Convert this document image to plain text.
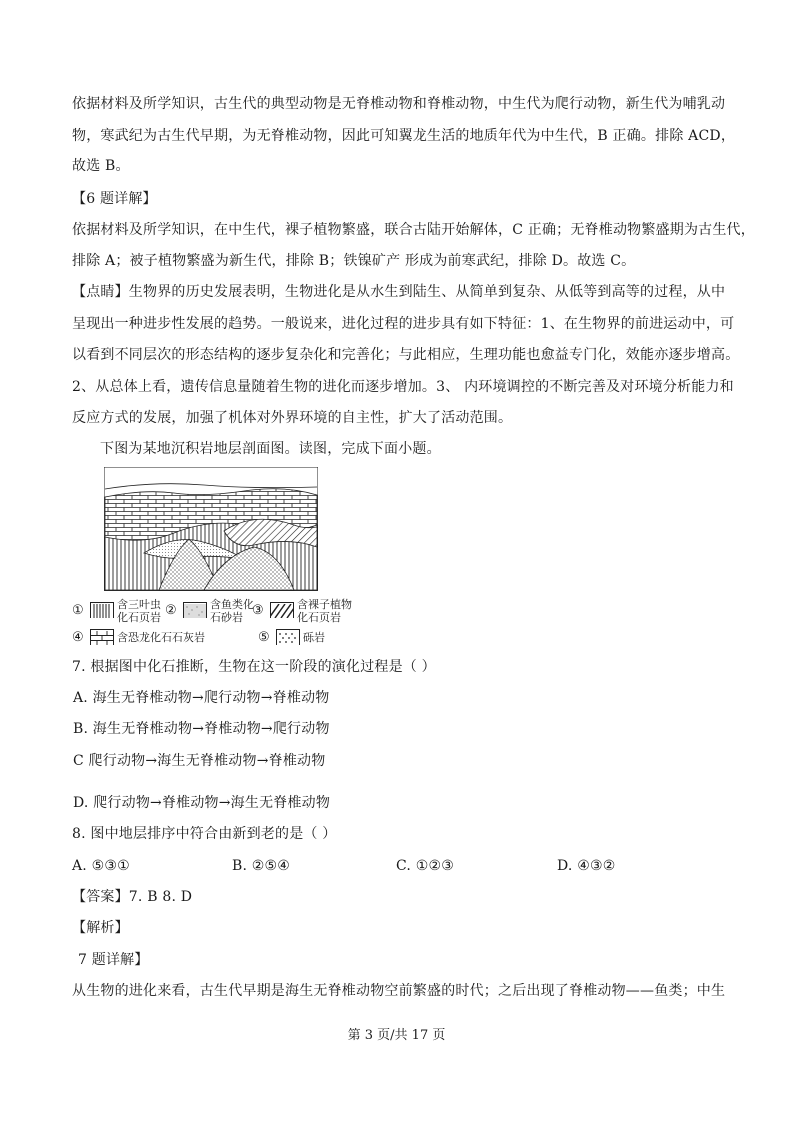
依据材料及所学知识，古生代的典型动物是无脊椎动物和脊椎动物，中生代为爬行动物，新生代为哺乳动
物，寒武纪为古生代早期，为无脊椎动物，因此可知翼龙生活的地质年代为中生代，B 正确。排除 ACD，
故选 B。
【6 题详解】
依据材料及所学知识，在中生代，裸子植物繁盛，联合古陆开始解体，C 正确；无脊椎动物繁盛期为古生代，
排除 A；被子植物繁盛为新生代，排除 B；铁镍矿产 形成为前寒武纪，排除 D。故选 C。
【点睛】生物界的历史发展表明，生物进化是从水生到陆生、从简单到复杂、从低等到高等的过程，从中
呈现出一种进步性发展的趋势。一般说来，进化过程的进步具有如下特征：1、在生物界的前进运动中，可
以看到不同层次的形态结构的逐步复杂化和完善化；与此相应，生理功能也愈益专门化，效能亦逐步增高。
2、从总体上看，遗传信息量随着生物的进化而逐步增加。3、 内环境调控的不断完善及对环境分析能力和
反应方式的发展，加强了机体对外界环境的自主性，扩大了活动范围。
下图为某地沉积岩地层剖面图。读图，完成下面小题。
①	含三叶虫
化石页岩 ②	含鱼类化
石砂岩 ③	含裸子植物
化石页岩
④	含恐龙化石石灰岩	⑤	砾岩
7. 根据图中化石推断，生物在这一阶段的演化过程是（ ）
A. 海生无脊椎动物→爬行动物→脊椎动物
B. 海生无脊椎动物→脊椎动物→爬行动物
C 爬行动物→海生无脊椎动物→脊椎动物
D. 爬行动物→脊椎动物→海生无脊椎动物
8. 图中地层排序中符合由新到老的是（ ）
A. ⑤③①	B. ②⑤④	C. ①②③	D. ④③②
【答案】7. B 8. D
【解析】
7 题详解】
从生物的进化来看，古生代早期是海生无脊椎动物空前繁盛的时代；之后出现了脊椎动物——鱼类；中生
第 3 页/共 17 页
